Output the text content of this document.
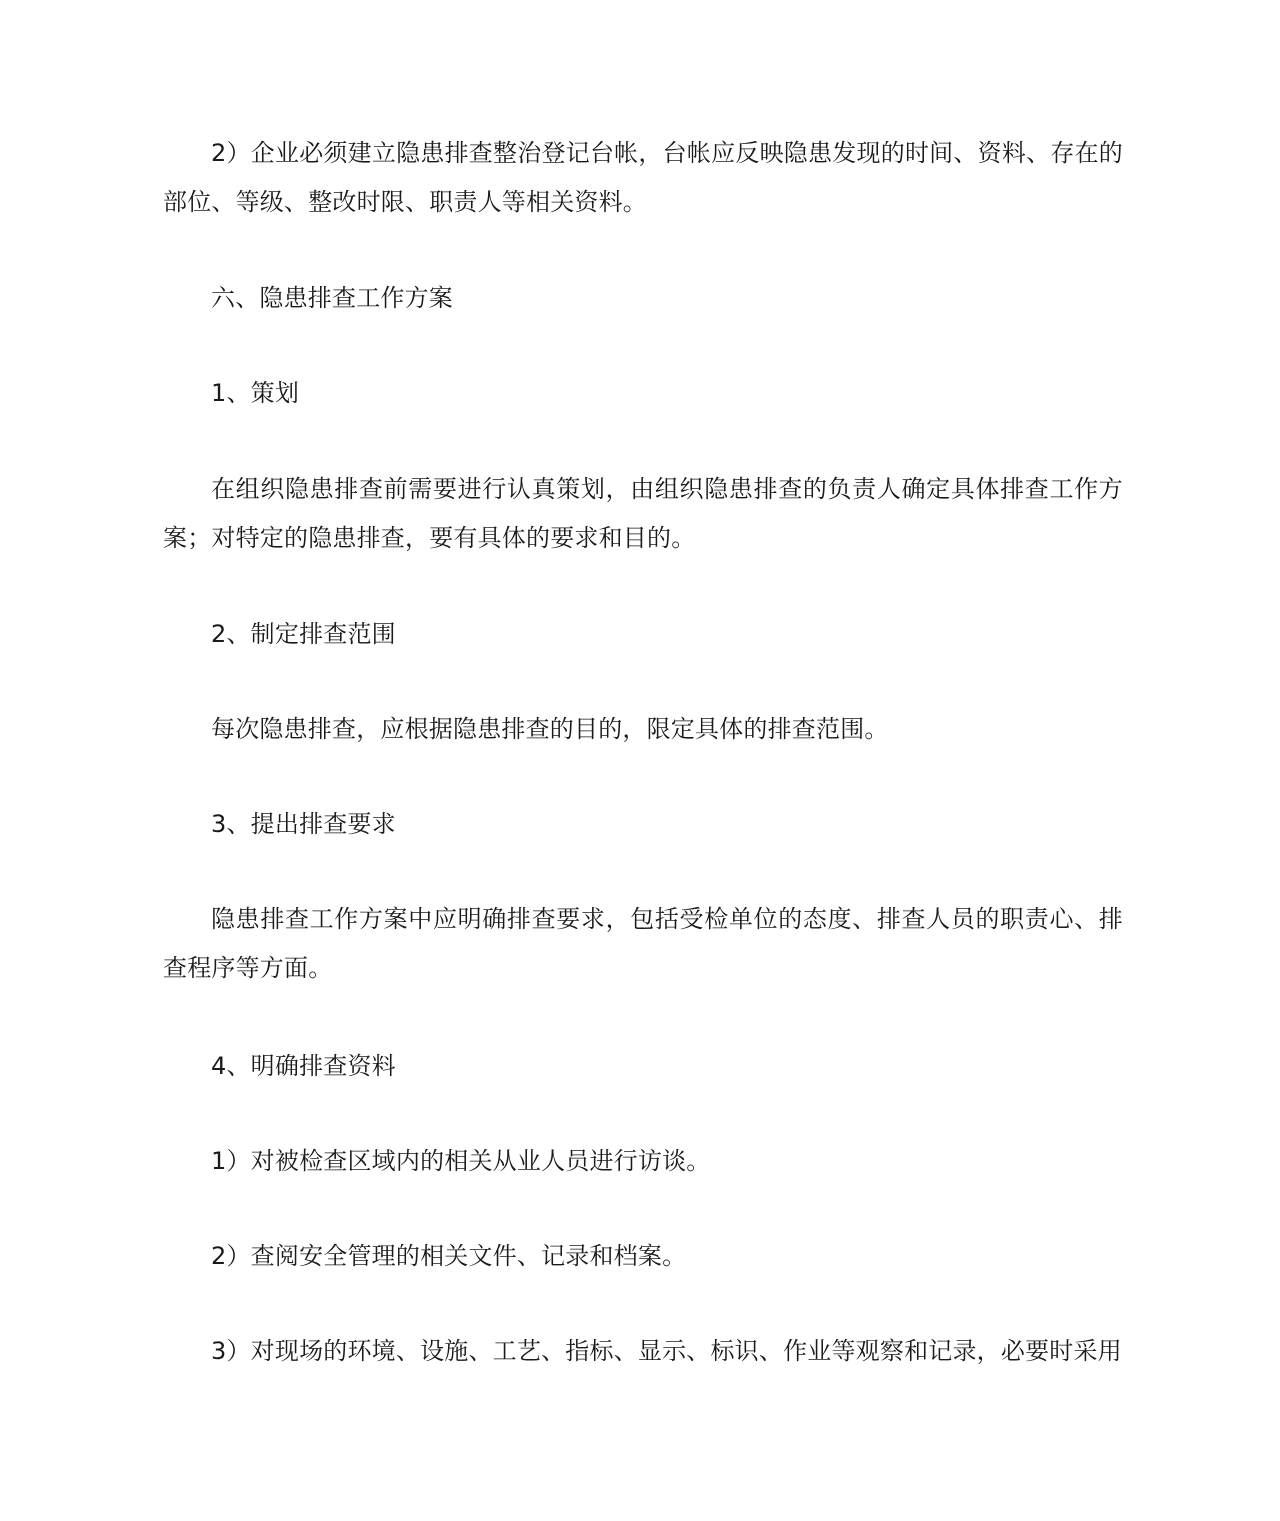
2）企业必须建立隐患排查整治登记台帐，台帐应反映隐患发现的时间、资料、存在的部位、等级、整改时限、职责人等相关资料。

六、隐患排查工作方案

1、策划

在组织隐患排查前需要进行认真策划，由组织隐患排查的负责人确定具体排查工作方案；对特定的隐患排查，要有具体的要求和目的。

2、制定排查范围

每次隐患排查，应根据隐患排查的目的，限定具体的排查范围。

3、提出排查要求

隐患排查工作方案中应明确排查要求，包括受检单位的态度、排查人员的职责心、排查程序等方面。

4、明确排查资料

1）对被检查区域内的相关从业人员进行访谈。

2）查阅安全管理的相关文件、记录和档案。

3）对现场的环境、设施、工艺、指标、显示、标识、作业等观察和记录，必要时采用
